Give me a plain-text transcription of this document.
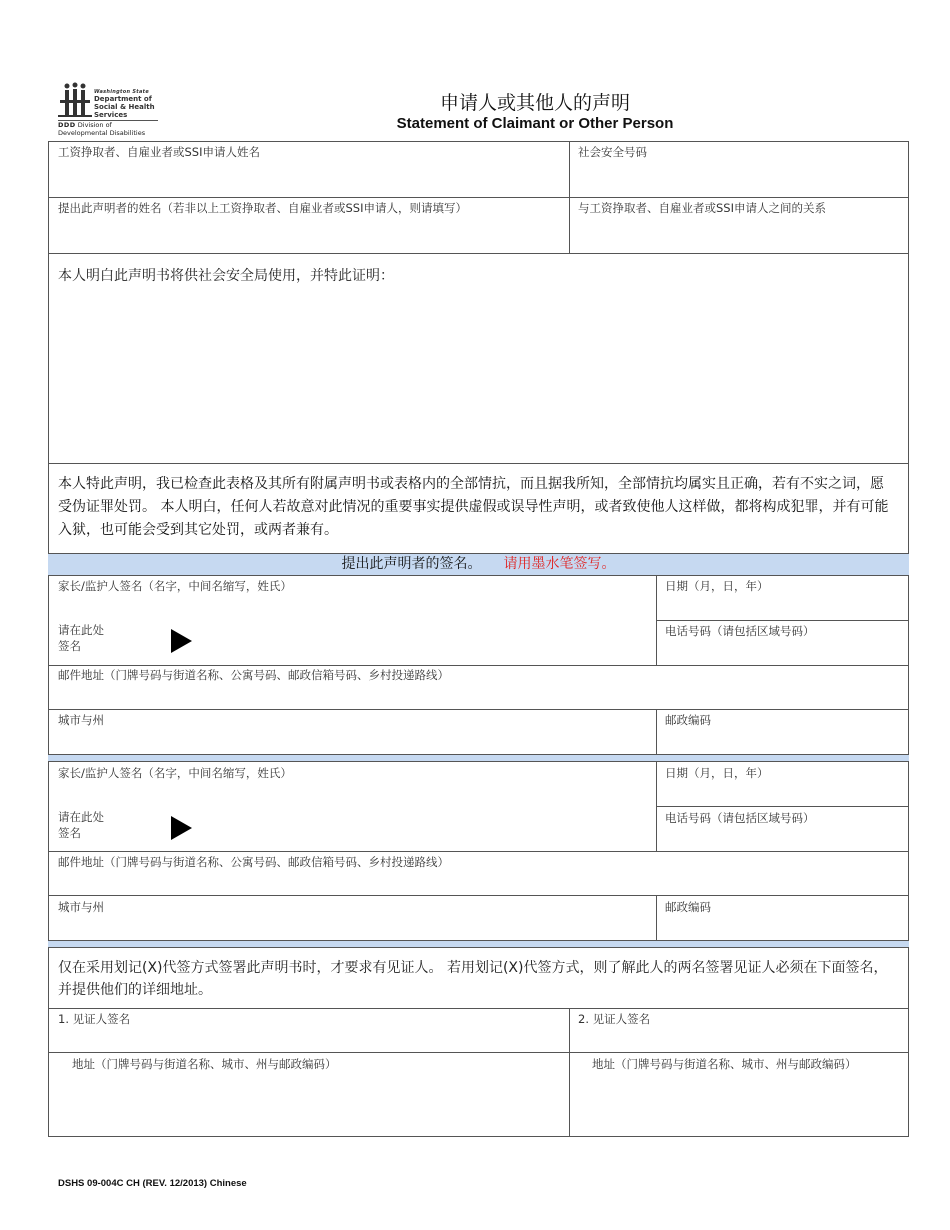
Washington State
Department of Social & Health Services
DDD Division of Developmental Disabilities
申请人或其他人的声明
Statement of Claimant or Other Person
工资挣取者、自雇业者或SSI申请人姓名	社会安全号码
提出此声明者的姓名（若非以上工资挣取者、自雇业者或SSI申请人，则请填写）	与工资挣取者、自雇业者或SSI申请人之间的关系
本人明白此声明书将供社会安全局使用，并特此证明：
本人特此声明，我已检查此表格及其所有附属声明书或表格内的全部情抗，而且据我所知，全部情抗均属实且正确，若有不实之词，愿受伪证罪处罚。 本人明白，任何人若故意对此情况的重要事实提供虚假或误导性声明，或者致使他人这样做，都将构成犯罪，并有可能入狱，也可能会受到其它处罚，或两者兼有。
提出此声明者的签名。 请用墨水笔签写。
家长/监护人签名（名字，中间名缩写，姓氏）
请在此处
签名
日期（月，日，年）
电话号码（请包括区域号码）
邮件地址（门牌号码与街道名称、公寓号码、邮政信箱号码、乡村投递路线）
城市与州	邮政编码
家长/监护人签名（名字，中间名缩写，姓氏）
请在此处
签名
日期（月，日，年）
电话号码（请包括区域号码）
邮件地址（门牌号码与街道名称、公寓号码、邮政信箱号码、乡村投递路线）
城市与州	邮政编码
仅在采用划记(X)代签方式签署此声明书时，才要求有见证人。 若用划记(X)代签方式，则了解此人的两名签署见证人必须在下面签名，并提供他们的详细地址。
1. 见证人签名	2. 见证人签名
地址（门牌号码与街道名称、城市、州与邮政编码）	地址（门牌号码与街道名称、城市、州与邮政编码）
DSHS 09-004C CH (REV. 12/2013) Chinese
